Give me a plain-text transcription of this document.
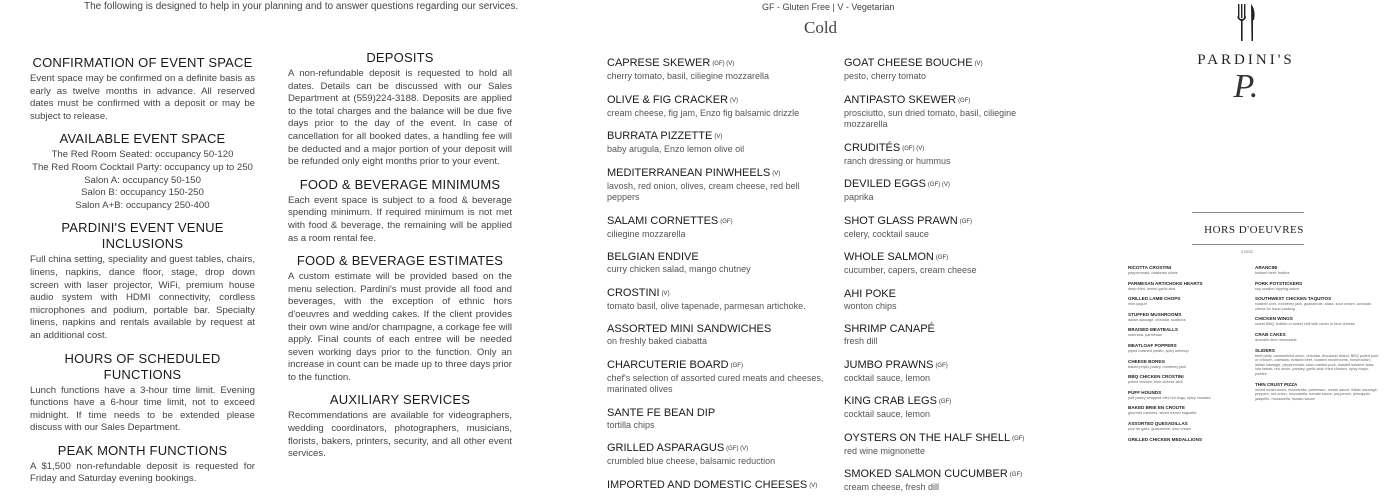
The following is designed to help in your planning and to answer questions regarding our services.
CONFIRMATION OF EVENT SPACE

Event space may be confirmed on a definite basis as early as twelve months in advance. All reserved dates must be confirmed with a deposit or may be subject to release.

AVAILABLE EVENT SPACE
The Red Room Seated: occupancy 50-120
The Red Room Cocktail Party: occupancy up to 250
Salon A: occupancy 50-150
Salon B: occupancy 150-250
Salon A+B: occupancy 250-400
PARDINI'S EVENT VENUE INCLUSIONS

Full china setting, speciality and guest tables, chairs, linens, napkins, dance floor, stage, drop down screen with laser projector, WiFi, premium house audio system with HDMI connectivity, cordless microphones and podium, portable bar. Specialty linens, napkins and rentals available by request at an additional cost.

HOURS OF SCHEDULED FUNCTIONS

Lunch functions have a 3-hour time limit. Evening functions have a 6-hour time limit, not to exceed midnight. If time needs to be extended please discuss with our Sales Department.

PEAK MONTH FUNCTIONS

A $1,500 non-refundable deposit is requested for Friday and Saturday evening bookings.

DEPOSITS

A non-refundable deposit is requested to hold all dates. Details can be discussed with our Sales Department at (559)224-3188. Deposits are applied to the total charges and the balance will be due five days prior to the day of the event. In case of cancellation for all booked dates, a handling fee will be deducted and a major portion of your deposit will be refunded only eight months prior to your event.

FOOD & BEVERAGE MINIMUMS

Each event space is subject to a food & beverage spending minimum. If required minimum is not met with food & beverage, the remaining will be applied as a room rental fee.

FOOD & BEVERAGE ESTIMATES

A custom estimate will be provided based on the menu selection. Pardini's must provide all food and beverages, with the exception of ethnic hors d'oeuvres and wedding cakes. If the client provides their own wine and/or champagne, a corkage fee will apply. Final counts of each entree will be needed seven working days prior to the function. Only an increase in count can be made up to three days prior to the function.

AUXILIARY SERVICES

Recommendations are available for videographers, wedding coordinators, photographers, musicians, florists, bakers, printers, security, and all other event services.

GF - Gluten Free | V - Vegetarian
Cold
CAPRESE SKEWER (GF) (V)
cherry tomato, basil, ciliegine mozzarella
OLIVE & FIG CRACKER (V)
cream cheese, fig jam, Enzo fig balsamic drizzle
BURRATA PIZZETTE (V)
baby arugula, Enzo lemon olive oil
MEDITERRANEAN PINWHEELS (V)
lavosh, red onion, olives, cream cheese, red bell peppers
SALAMI CORNETTES (GF)
ciliegine mozzarella
BELGIAN ENDIVE
curry chicken salad, mango chutney
CROSTINI (V)
tomato basil, olive tapenade, parmesan artichoke.
ASSORTED MINI SANDWICHES
on freshly baked ciabatta
CHARCUTERIE BOARD (GF)
chef's selection of assorted cured meats and cheeses, marinated olives
SANTE FE BEAN DIP
tortilla chips
GRILLED ASPARAGUS (GF) (V)
crumbled blue cheese, balsamic reduction
IMPORTED AND DOMESTIC CHEESES (V)
GOAT CHEESE BOUCHE (V)
pesto, cherry tomato
ANTIPASTO SKEWER (GF)
prosciutto, sun dried tomato, basil, ciliegine mozzarella
CRUDITÉS (GF) (V)
ranch dressing or hummus
DEVILED EGGS (GF) (V)
paprika
SHOT GLASS PRAWN (GF)
celery, cocktail sauce
WHOLE SALMON (GF)
cucumber, capers, cream cheese
AHI POKE
wonton chips
SHRIMP CANAPÉ
fresh dill
JUMBO PRAWNS (GF)
cocktail sauce, lemon
KING CRAB LEGS (GF)
cocktail sauce, lemon
OYSTERS ON THE HALF SHELL (GF)
red wine mignonette
SMOKED SALMON CUCUMBER (GF)
cream cheese, fresh dill
PARDINI'S
P.
HORS D'OEUVRES
2 DOZ.
RICOTTA CROSTINI
pepperonata, calabrian olives
PARMESAN ARTICHOKE HEARTS
deep fried, lemon garlic aioli
GRILLED LAMB CHOPS
mint yogurt
STUFFED MUSHROOMS
italian sausage, cheddar, scallions
BRAISED MEATBALLS
marinara, parmesan
MEATLOAF POPPERS
piped mashed potato, spicy ketchup
CHEESE BOREG
baked phyllo pastry, monterey jack
BBQ CHICKEN CROSTINI
pulled chicken, blue cheese aioli
PUFF HOUNDS
puff pastry wrapped mini hot dogs, spicy mustard
BAKED BRIE EN CROUTE
gourmet crackers, sliced french baguette
ASSORTED QUESADILLAS
pico de gallo, guacamole, sour cream
GRILLED CHICKEN MEDALLIONS
ARANCINI
braised beef, fontina
PORK POTSTICKERS
soy scallion dipping sauce
SOUTHWEST CHICKEN TAQUITOS
roasted corn, monterey jack, guacamole, salsa, sour cream, avocado crema for hand passing
CHICKEN WINGS
sweet BBQ, buffalo or sweet chili with ranch or blue cheese
CRAB CAKES
avocado-lime remoulade
SLIDERS
beef patty, caramelized onion, cheddar, thousand island; BBQ pulled pork or chicken, coleslaw; braised beef, roasted mushrooms, horseradish; italian sausage, pepperonata; slow roasted pork, toasted sesame slaw; lula kebab, red onion, parsley, garlic aioli; fried chicken, spicy mayo, pickles
THIN CRUST PIZZA
mixed mushrooms, mozzarella, parmesan, cream sauce; italian sausage, peppers, red onion, mozzarella, tomato sauce; pepperoni, pineapple, jalapeño, mozzarella, tomato sauce
